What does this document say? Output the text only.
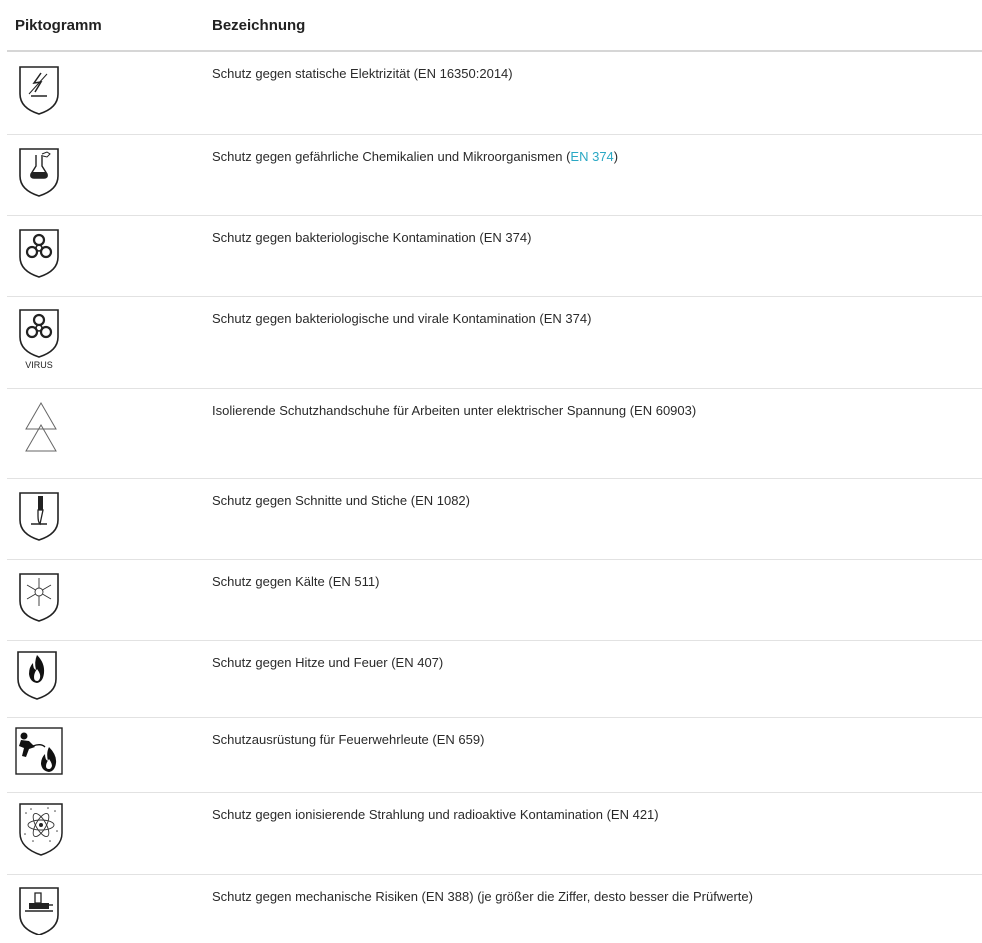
Piktogramm	Bezeichnung

	Schutz gegen statische Elektrizität (EN 16350:2014)

	Schutz gegen gefährliche Chemikalien und Mikroorganismen (EN 374)

	Schutz gegen bakteriologische Kontamination (EN 374)

VIRUS	Schutz gegen bakteriologische und virale Kontamination (EN 374)

	Isolierende Schutzhandschuhe für Arbeiten unter elektrischer Spannung (EN 60903)

	Schutz gegen Schnitte und Stiche (EN 1082)

	Schutz gegen Kälte (EN 511)

	Schutz gegen Hitze und Feuer (EN 407)

	Schutzausrüstung für Feuerwehrleute (EN 659)

	Schutz gegen ionisierende Strahlung und radioaktive Kontamination (EN 421)

	Schutz gegen mechanische Risiken (EN 388) (je größer die Ziffer, desto besser die Prüfwerte)
